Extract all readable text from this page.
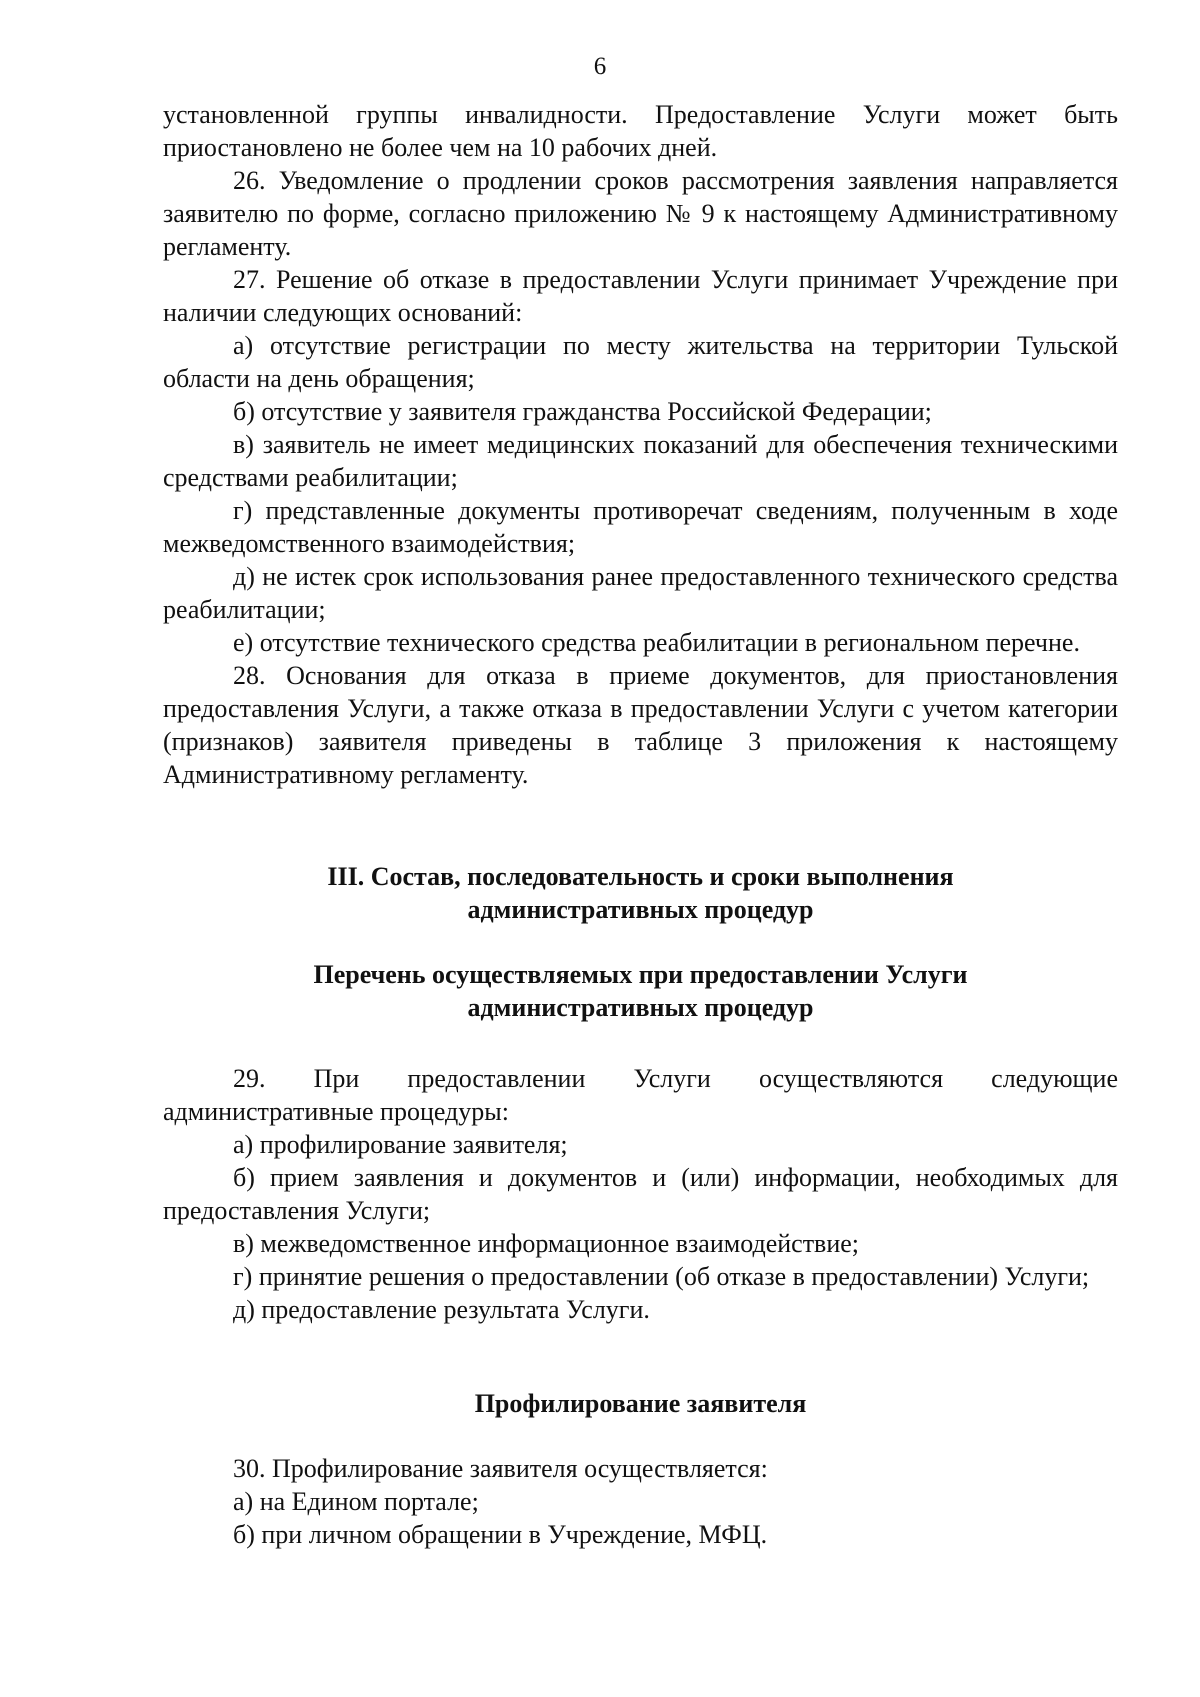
6

установленной группы инвалидности. Предоставление Услуги может быть приостановлено не более чем на 10 рабочих дней.

26. Уведомление о продлении сроков рассмотрения заявления направляется заявителю по форме, согласно приложению № 9 к настоящему Административному регламенту.

27. Решение об отказе в предоставлении Услуги принимает Учреждение при наличии следующих оснований:

а) отсутствие регистрации по месту жительства на территории Тульской области на день обращения;

б) отсутствие у заявителя гражданства Российской Федерации;

в) заявитель не имеет медицинских показаний для обеспечения техническими средствами реабилитации;

г) представленные документы противоречат сведениям, полученным в ходе межведомственного взаимодействия;

д) не истек срок использования ранее предоставленного технического средства реабилитации;

е) отсутствие технического средства реабилитации в региональном перечне.

28. Основания для отказа в приеме документов, для приостановления предоставления Услуги, а также отказа в предоставлении Услуги с учетом категории (признаков) заявителя приведены в таблице 3 приложения к настоящему Административному регламенту.

III. Состав, последовательность и сроки выполнения
административных процедур
Перечень осуществляемых при предоставлении Услуги
административных процедур

29. При предоставлении Услуги осуществляются следующие административные процедуры:

а) профилирование заявителя;

б) прием заявления и документов и (или) информации, необходимых для предоставления Услуги;

в) межведомственное информационное взаимодействие;

г) принятие решения о предоставлении (об отказе в предоставлении) Услуги;

д) предоставление результата Услуги.

Профилирование заявителя

30. Профилирование заявителя осуществляется:

а) на Едином портале;

б) при личном обращении в Учреждение, МФЦ.
